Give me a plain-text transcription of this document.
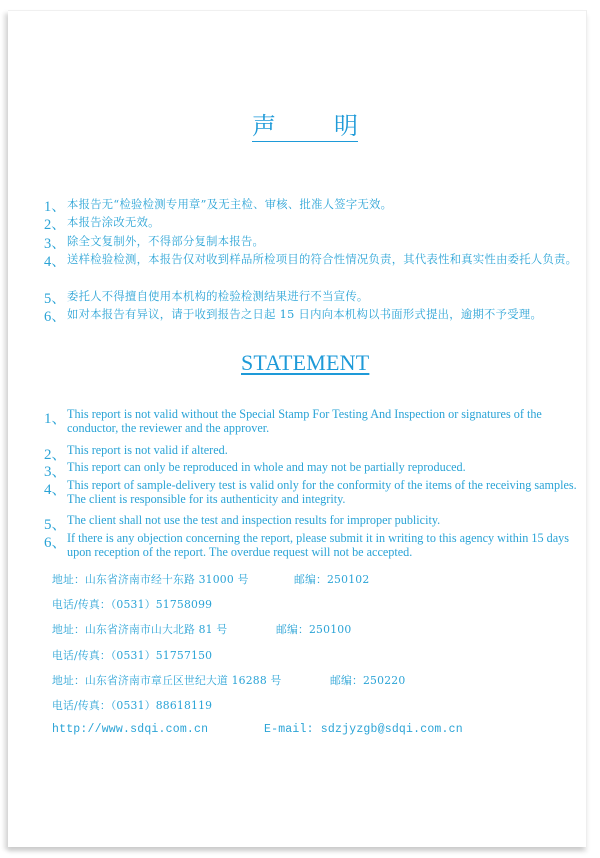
声 明
1、 本报告无“检验检测专用章”及无主检、审核、批准人签字无效。
2、 本报告涂改无效。
3、 除全文复制外，不得部分复制本报告。
4、 送样检验检测，本报告仅对收到样品所检项目的符合性情况负责，其代表性和真实性由委托人负责。
5、 委托人不得擅自使用本机构的检验检测结果进行不当宣传。
6、 如对本报告有异议，请于收到报告之日起 15 日内向本机构以书面形式提出，逾期不予受理。
STATEMENT
1、 This report is not valid without the Special Stamp For Testing And Inspection or signatures of the conductor, the reviewer and the approver.
2、 This report is not valid if altered.
3、 This report can only be reproduced in whole and may not be partially reproduced.
4、 This report of sample-delivery test is valid only for the conformity of the items of the receiving samples. The client is responsible for its authenticity and integrity.
5、 The client shall not use the test and inspection results for improper publicity.
6、 If there is any objection concerning the report, please submit it in writing to this agency within 15 days upon reception of the report. The overdue request will not be accepted.
地址：山东省济南市经十东路 31000 号	邮编：250102
电话/传真：（0531）51758099
地址：山东省济南市山大北路 81 号	邮编：250100
电话/传真：（0531）51757150
地址：山东省济南市章丘区世纪大道 16288 号	邮编：250220
电话/传真：（0531）88618119
http://www.sdqi.com.cn	E-mail: sdzjyzgb@sdqi.com.cn
